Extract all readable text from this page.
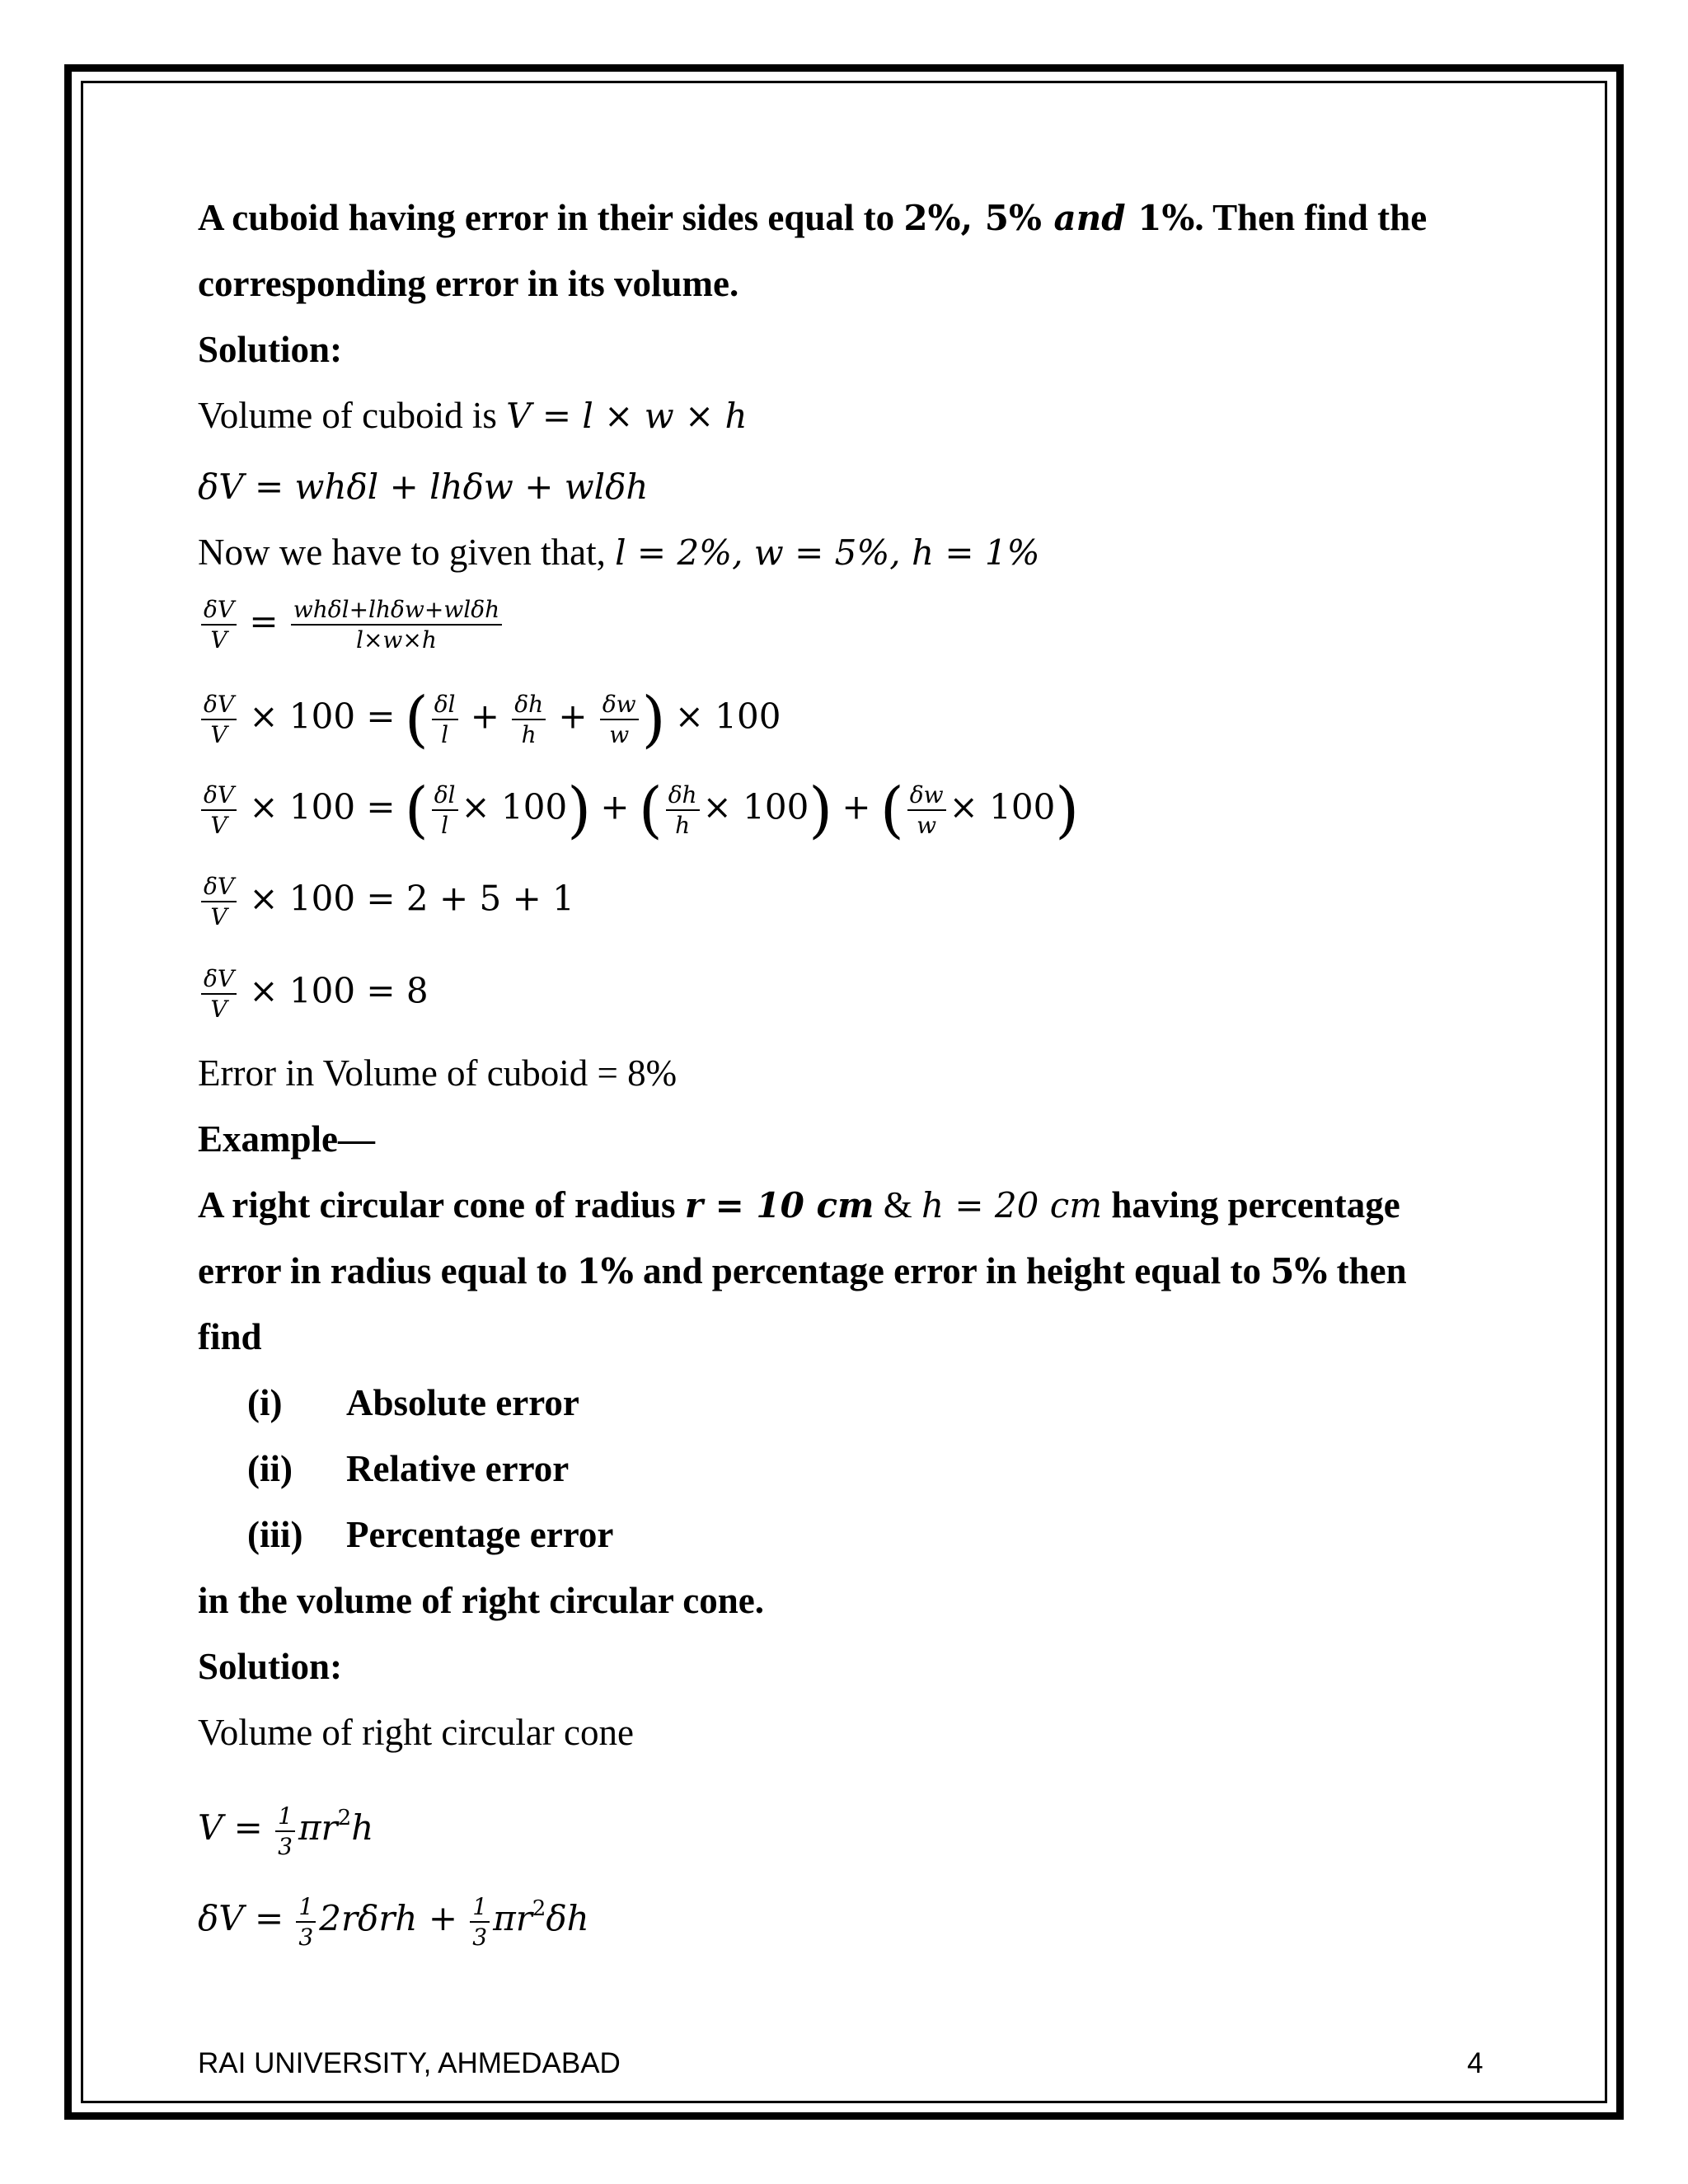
A cuboid having error in their sides equal to 2%, 5% and 1%. Then find the
corresponding error in its volume.
Solution:
Volume of cuboid is V = l × w × h
δV = whδl + lhδw + wlδh
Now we have to given that, l = 2%, w = 5%, h = 1%
$\frac{\delta V}{V} = \frac{\text{whδl+lhδw+wlδh}}{l\times w\times h}$
$\frac{\delta V}{V} \times 100$ = ( $\frac{\delta l}{l} + \frac{\delta h}{h} + \frac{\delta w}{w}$ ) × 100
$\frac{\delta V}{V} \times 100$ = ( $\frac{\delta l}{l} \times 100$) + ( $\frac{\delta h}{h} \times 100$) + ( $\frac{\delta w}{w} \times 100$)
$\frac{\delta V}{V} \times 100 = 2 + 5 + 1$
$\frac{\delta V}{V} \times 100 = 8$
Error in Volume of cuboid = 8%
Example—
A right circular cone of radius r = 10 cm & h = 20 cm having percentage
error in radius equal to 1% and percentage error in height equal to 5% then
find
(i) Absolute error
(ii) Relative error
(iii) Percentage error
in the volume of right circular cone.
Solution:
Volume of right circular cone
$V = \frac{1}{3} \pi r^2h$
$\delta V = \frac{1}{3} 2r\delta rh + \frac{1}{3} \pi r^2\delta h$
RAI UNIVERSITY, AHMEDABAD	4
